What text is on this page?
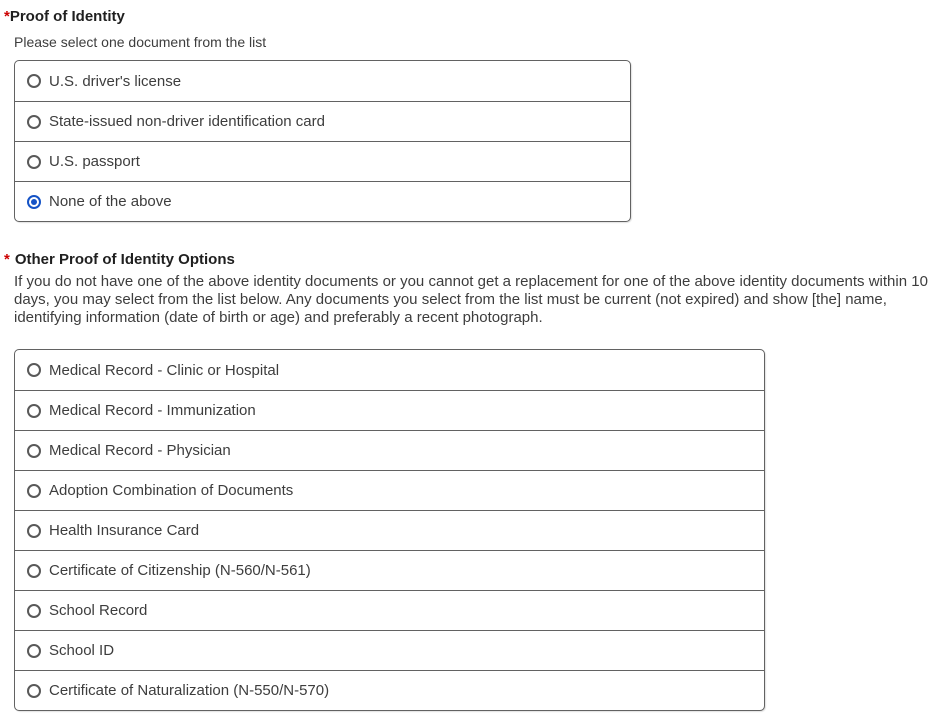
*Proof of Identity
Please select one document from the list
U.S. driver's license
State-issued non-driver identification card
U.S. passport
None of the above
* Other Proof of Identity Options
If you do not have one of the above identity documents or you cannot get a replacement for one of the above identity documents within 10 days, you may select from the list below. Any documents you select from the list must be current (not expired) and show [the] name, identifying information (date of birth or age) and preferably a recent photograph.
Medical Record - Clinic or Hospital
Medical Record - Immunization
Medical Record - Physician
Adoption Combination of Documents
Health Insurance Card
Certificate of Citizenship (N-560/N-561)
School Record
School ID
Certificate of Naturalization (N-550/N-570)
